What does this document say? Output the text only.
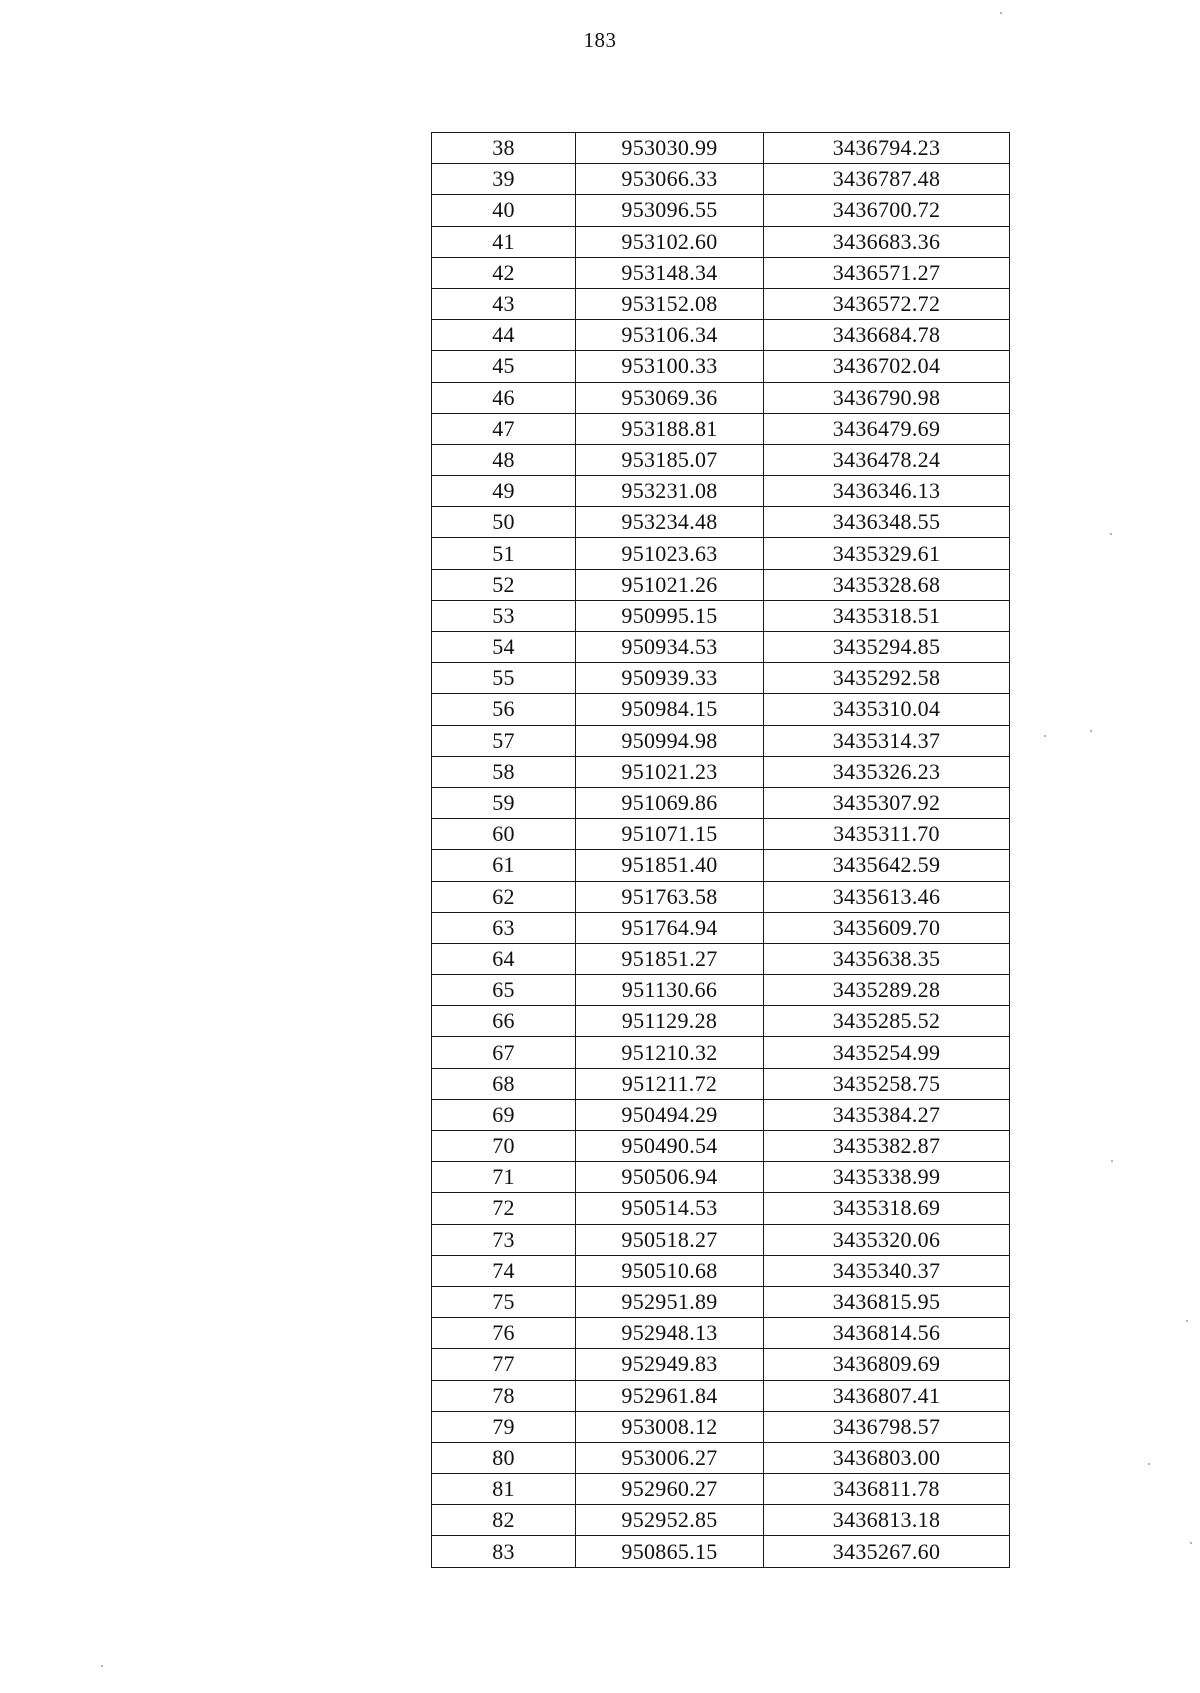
183
38	953030.99	3436794.23
39	953066.33	3436787.48
40	953096.55	3436700.72
41	953102.60	3436683.36
42	953148.34	3436571.27
43	953152.08	3436572.72
44	953106.34	3436684.78
45	953100.33	3436702.04
46	953069.36	3436790.98
47	953188.81	3436479.69
48	953185.07	3436478.24
49	953231.08	3436346.13
50	953234.48	3436348.55
51	951023.63	3435329.61
52	951021.26	3435328.68
53	950995.15	3435318.51
54	950934.53	3435294.85
55	950939.33	3435292.58
56	950984.15	3435310.04
57	950994.98	3435314.37
58	951021.23	3435326.23
59	951069.86	3435307.92
60	951071.15	3435311.70
61	951851.40	3435642.59
62	951763.58	3435613.46
63	951764.94	3435609.70
64	951851.27	3435638.35
65	951130.66	3435289.28
66	951129.28	3435285.52
67	951210.32	3435254.99
68	951211.72	3435258.75
69	950494.29	3435384.27
70	950490.54	3435382.87
71	950506.94	3435338.99
72	950514.53	3435318.69
73	950518.27	3435320.06
74	950510.68	3435340.37
75	952951.89	3436815.95
76	952948.13	3436814.56
77	952949.83	3436809.69
78	952961.84	3436807.41
79	953008.12	3436798.57
80	953006.27	3436803.00
81	952960.27	3436811.78
82	952952.85	3436813.18
83	950865.15	3435267.60
